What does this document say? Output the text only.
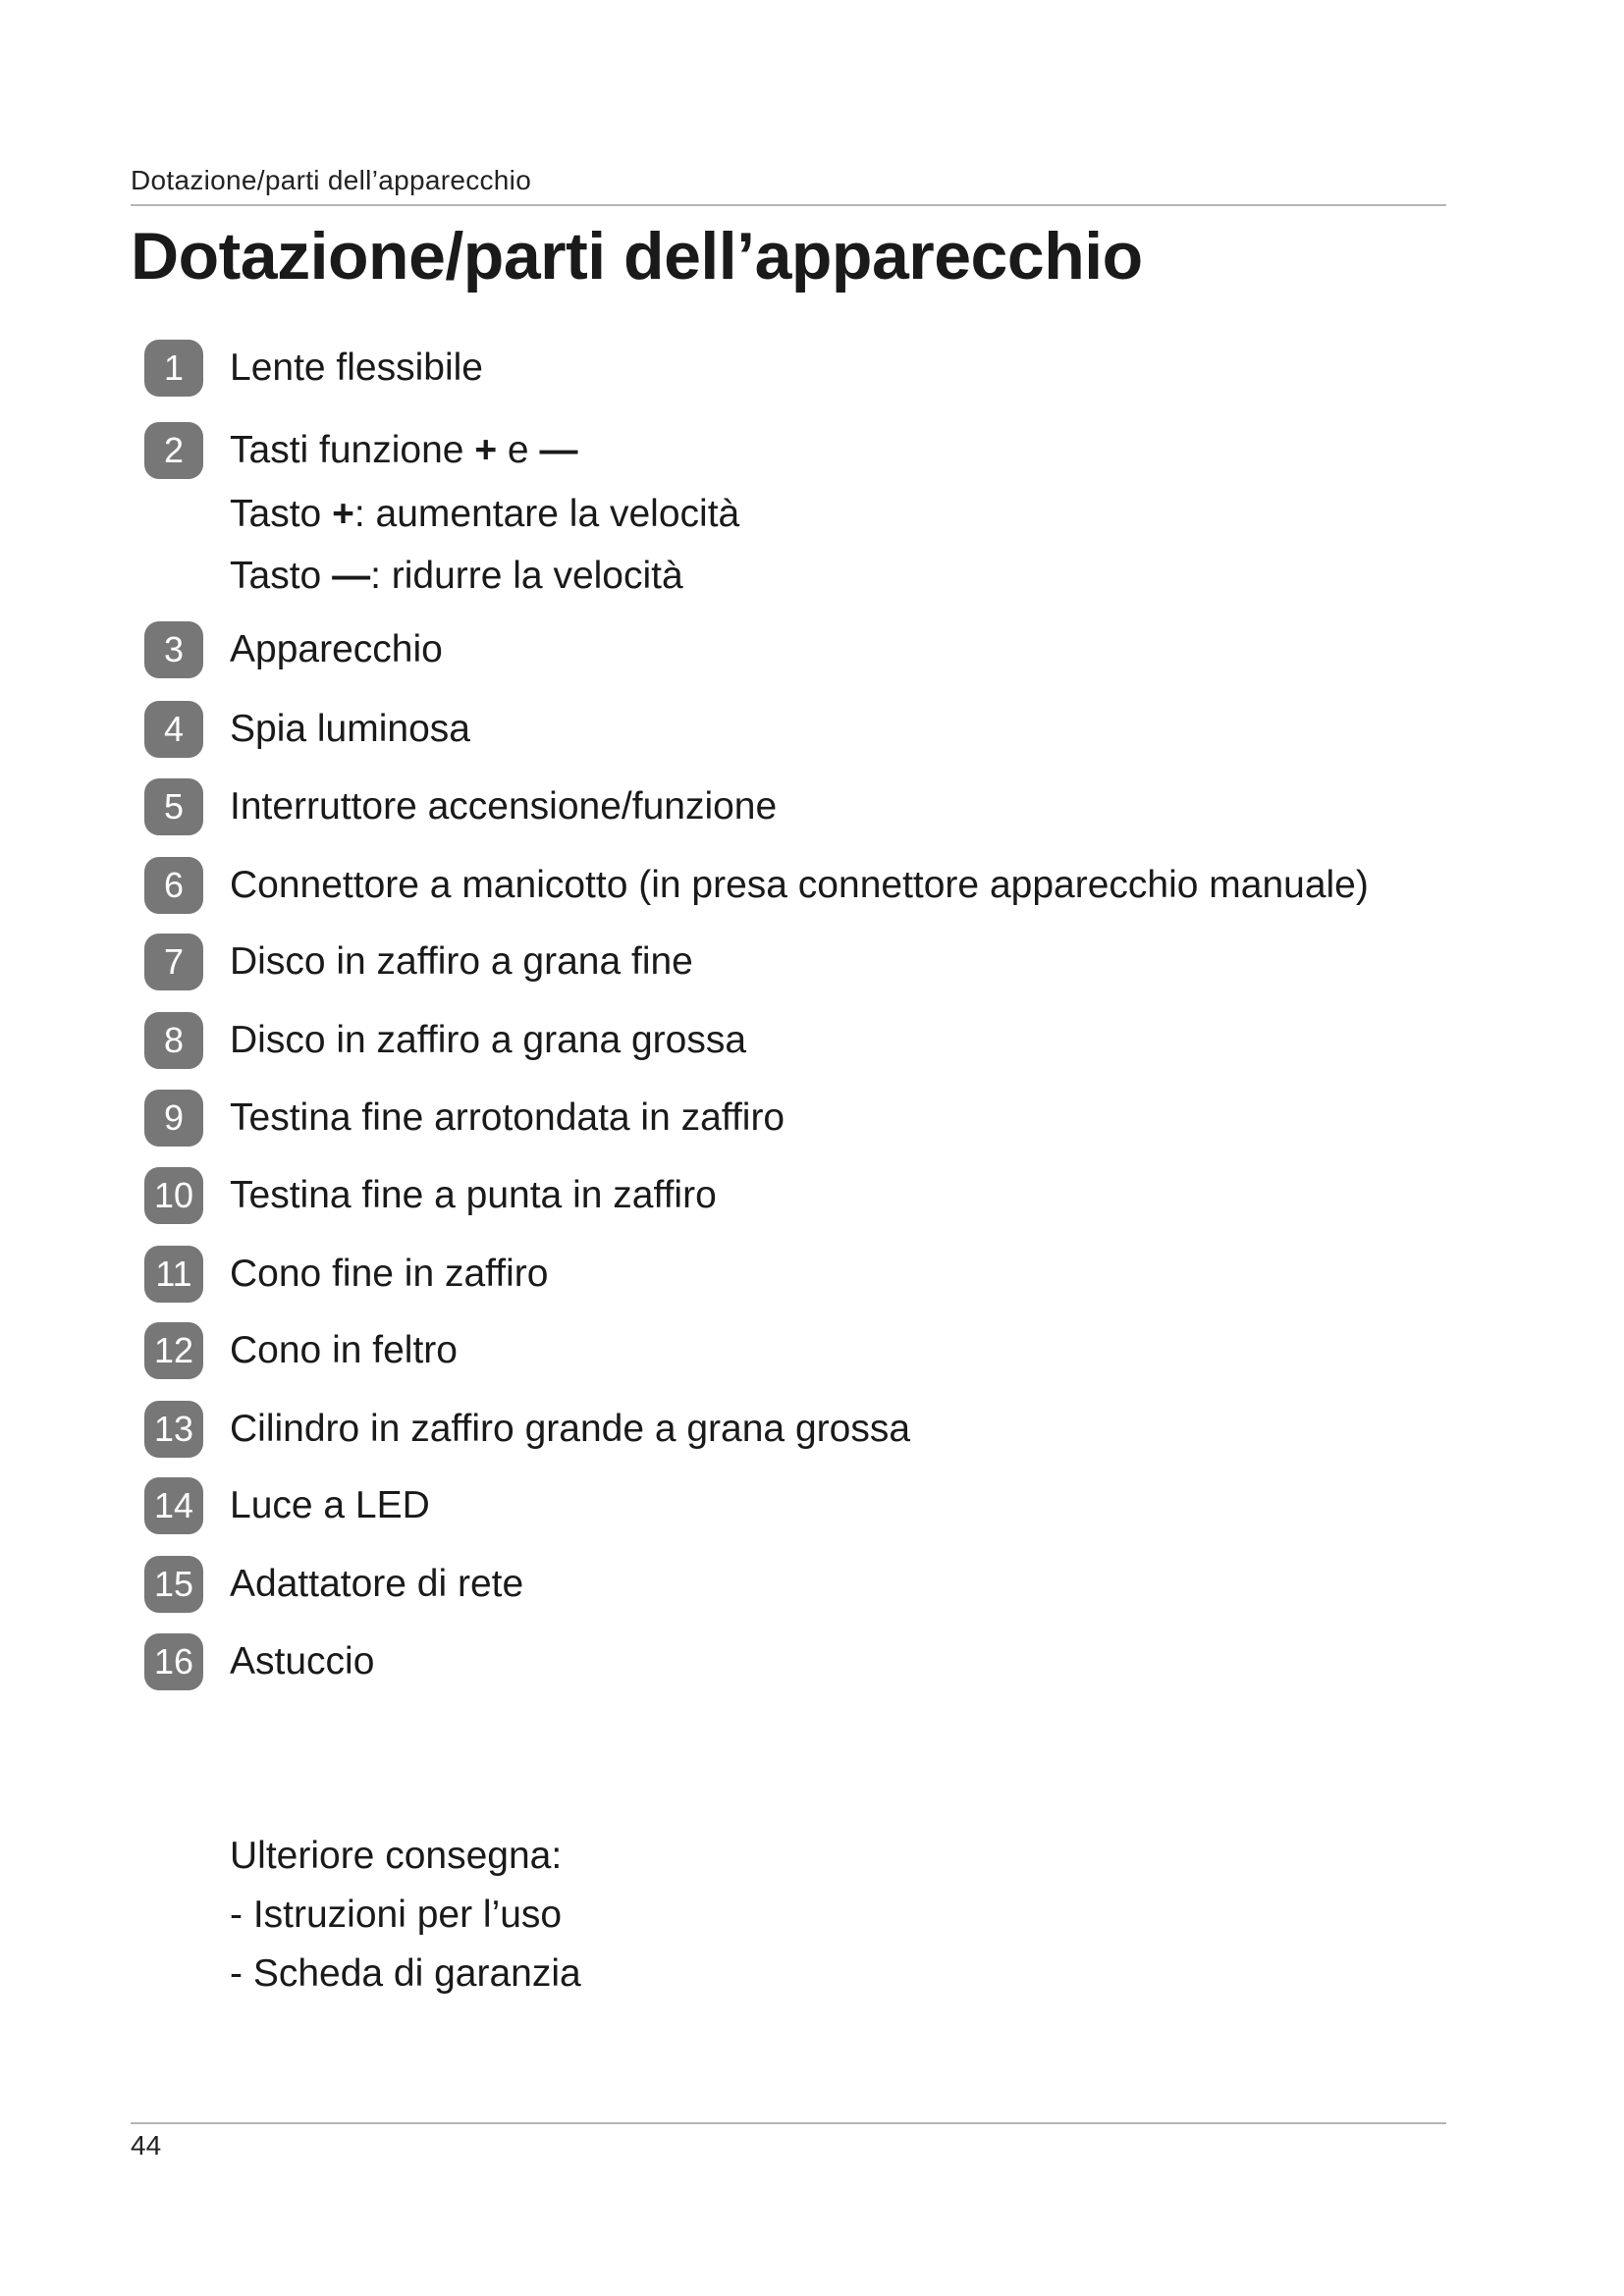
Dotazione/parti dell’apparecchio
Dotazione/parti dell’apparecchio
1	Lente flessibile
2	Tasti funzione + e —
Tasto +: aumentare la velocità
Tasto —: ridurre la velocità
3	Apparecchio
4	Spia luminosa
5	Interruttore accensione/funzione
6	Connettore a manicotto (in presa connettore apparecchio manuale)
7	Disco in zaffiro a grana fine
8	Disco in zaffiro a grana grossa
9	Testina fine arrotondata in zaffiro
10 Testina fine a punta in zaffiro
11 Cono fine in zaffiro
12 Cono in feltro
13 Cilindro in zaffiro grande a grana grossa
14 Luce a LED
15 Adattatore di rete
16 Astuccio
Ulteriore consegna:
- Istruzioni per l’uso
- Scheda di garanzia
44
